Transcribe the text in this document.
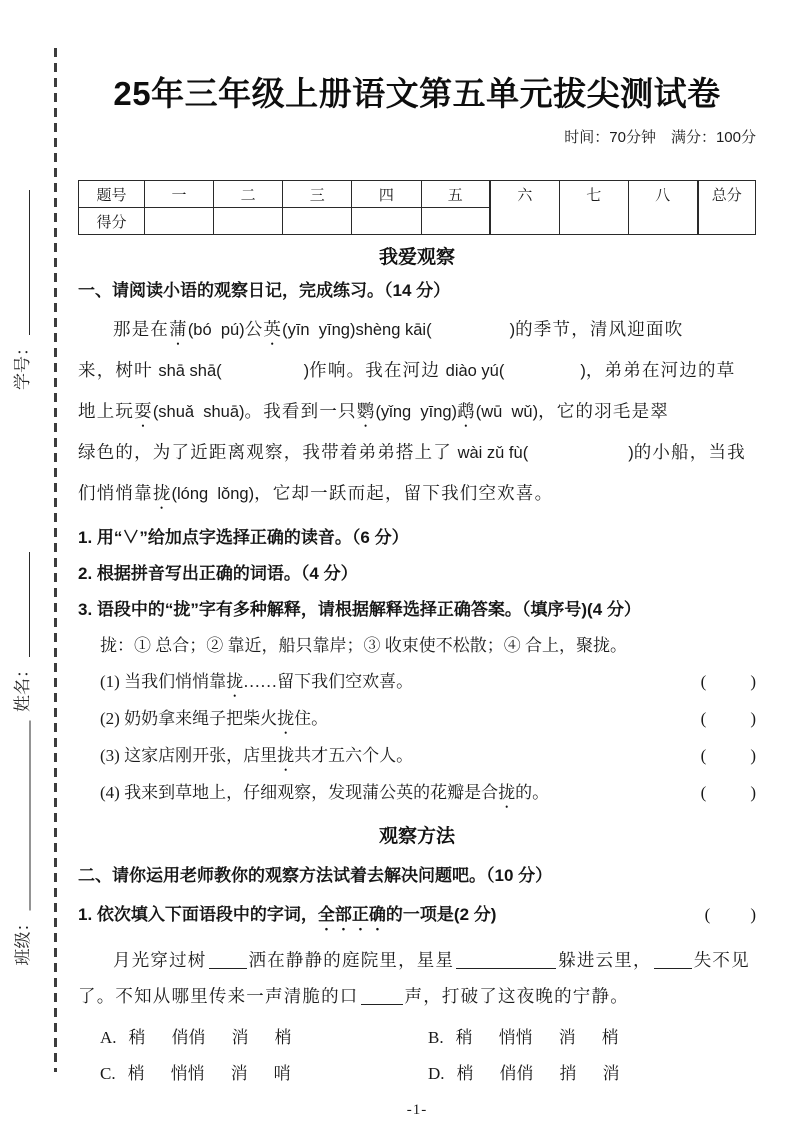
学号：
姓名：
班级：
25年三年级上册语文第五单元拔尖测试卷
时间：70分钟　满分：100分
题号	一	二	三	四	五	六	七	八	总分
得分									
我爱观察
一、请阅读小语的观察日记，完成练习。（14 分）
那是在蒲(bó  pú)公英(yīn  yīng)shèng kāi(	)的季节，清风迎面吹
来，树叶 shā shā(	)作响。我在河边 diào yú(	)，弟弟在河边的草
地上玩耍(shuǎ  shuā)。我看到一只鹦(yǐng  yīng)鹉(wū  wǔ)，它的羽毛是翠
绿色的，为了近距离观察，我带着弟弟搭上了 wài zǔ fù(	)的小船，当我
们悄悄靠拢(lóng  lǒng)，它却一跃而起，留下我们空欢喜。
1. 用“∨”给加点字选择正确的读音。（6 分）
2. 根据拼音写出正确的词语。（4 分）
3. 语段中的“拢”字有多种解释，请根据解释选择正确答案。（填序号)(4 分）
拢：① 总合；② 靠近，船只靠岸；③ 收束使不松散；④ 合上，聚拢。
(1) 当我们悄悄靠拢……留下我们空欢喜。	(	)
(2) 奶奶拿来绳子把柴火拢住。	(	)
(3) 这家店刚开张，店里拢共才五六个人。	(	)
(4) 我来到草地上，仔细观察，发现蒲公英的花瓣是合拢的。	(	)
观察方法
二、请你运用老师教你的观察方法试着去解决问题吧。（10 分）
1. 依次填入下面语段中的字词，全部正确的一项是(2 分)	( )
月光穿过树 洒在静静的庭院里，星星	躲进云里， 失不见
了。不知从哪里传来一声清脆的口	声，打破了这夜晚的宁静。
A. 稍 俏俏 消 梢	B. 稍 悄悄 消 梢
C. 梢 悄悄 消 哨	D. 梢 俏俏 捎 消
-1-
